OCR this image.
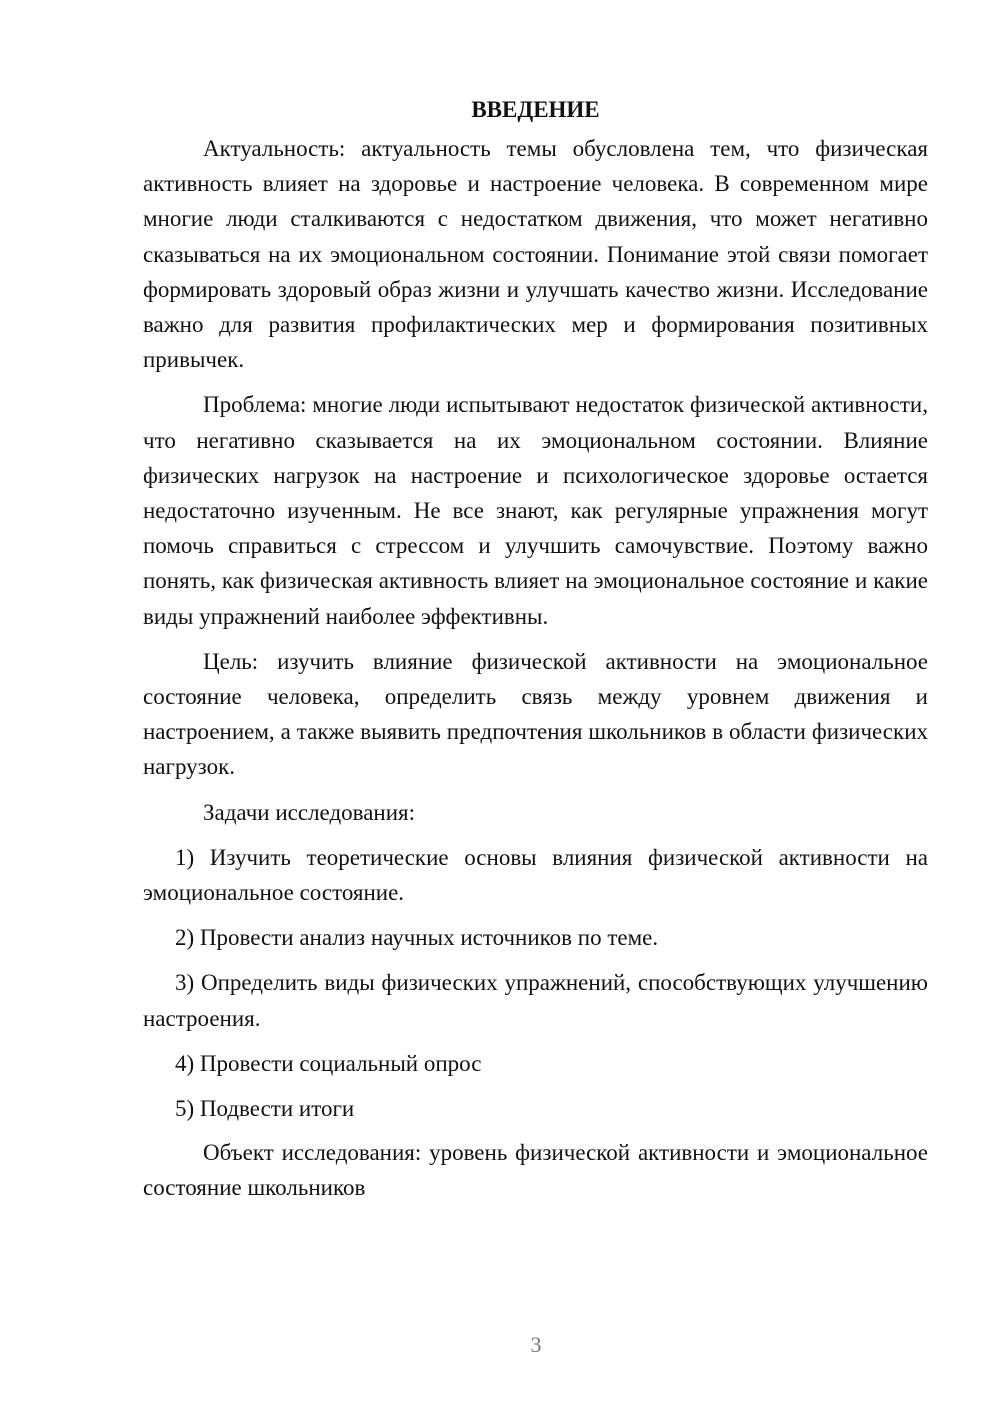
ВВЕДЕНИЕ

Актуальность: актуальность темы обусловлена тем, что физическая активность влияет на здоровье и настроение человека. В современном мире многие люди сталкиваются с недостатком движения, что может негативно сказываться на их эмоциональном состоянии. Понимание этой связи помогает формировать здоровый образ жизни и улучшать качество жизни. Исследование важно для развития профилактических мер и формирования позитивных привычек.

Проблема: многие люди испытывают недостаток физической активности, что негативно сказывается на их эмоциональном состоянии. Влияние физических нагрузок на настроение и психологическое здоровье остается недостаточно изученным. Не все знают, как регулярные упражнения могут помочь справиться с стрессом и улучшить самочувствие. Поэтому важно понять, как физическая активность влияет на эмоциональное состояние и какие виды упражнений наиболее эффективны.

Цель: изучить влияние физической активности на эмоциональное состояние человека, определить связь между уровнем движения и настроением, а также выявить предпочтения школьников в области физических нагрузок.

Задачи исследования:

1) Изучить теоретические основы влияния физической активности на эмоциональное состояние.

2) Провести анализ научных источников по теме.

3) Определить виды физических упражнений, способствующих улучшению настроения.

4) Провести социальный опрос

5) Подвести итоги

Объект исследования: уровень физической активности и эмоциональное состояние школьников

3
